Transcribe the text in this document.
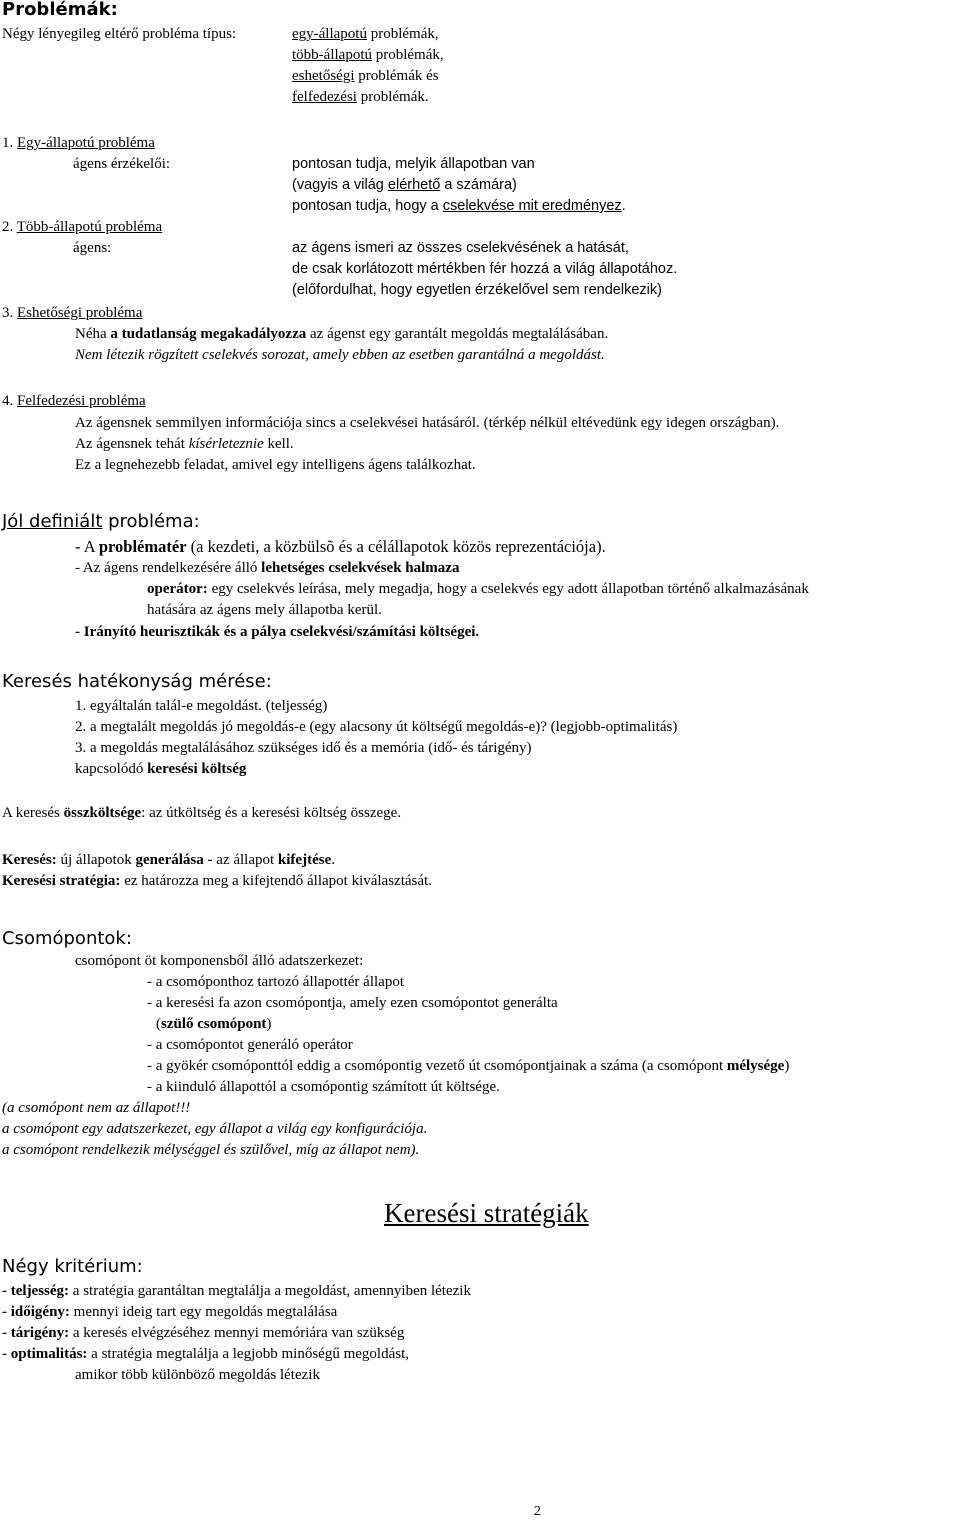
Problémák:
Négy lényegileg eltérő probléma típus:	egy-állapotú problémák,
több-állapotú problémák,
eshetőségi problémák és
felfedezési problémák.
1. Egy-állapotú probléma
ágens érzékelői:	pontosan tudja, melyik állapotban van
(vagyis a világ elérhető a számára)
pontosan tudja, hogy a cselekvése mit eredményez.
2. Több-állapotú probléma
ágens:	az ágens ismeri az összes cselekvésének a hatását,
de csak korlátozott mértékben fér hozzá a világ állapotához.
(előfordulhat, hogy egyetlen érzékelővel sem rendelkezik)
3. Eshetőségi probléma
Néha a tudatlanság megakadályozza az ágenst egy garantált megoldás megtalálásában.
Nem létezik rögzített cselekvés sorozat, amely ebben az esetben garantálná a megoldást.
4. Felfedezési probléma
Az ágensnek semmilyen információja sincs a cselekvései hatásáról. (térkép nélkül eltévedünk egy idegen országban).
Az ágensnek tehát kísérleteznie kell.
Ez a legnehezebb feladat, amivel egy intelligens ágens találkozhat.
Jól definiált probléma:
- A problématér (a kezdeti, a közbülsõ és a célállapotok közös reprezentációja).
- Az ágens rendelkezésére álló lehetséges cselekvések halmaza
operátor: egy cselekvés leírása, mely megadja, hogy a cselekvés egy adott állapotban történő alkalmazásának
hatására az ágens mely állapotba kerül.
- Irányító heurisztikák és a pálya cselekvési/számítási költségei.
Keresés hatékonyság mérése:
1. egyáltalán talál-e megoldást. (teljesség)
2. a megtalált megoldás jó megoldás-e (egy alacsony út költségű megoldás-e)? (legjobb-optimalitás)
3. a megoldás megtalálásához szükséges idő és a memória (idő- és tárigény)
kapcsolódó keresési költség
A keresés összköltsége: az útköltség és a keresési költség összege.
Keresés: új állapotok generálása - az állapot kifejtése.
Keresési stratégia: ez határozza meg a kifejtendő állapot kiválasztását.
Csomópontok:
csomópont öt komponensből álló adatszerkezet:
- a csomóponthoz tartozó állapottér állapot
- a keresési fa azon csomópontja, amely ezen csomópontot generálta
(szülő csomópont)
- a csomópontot generáló operátor
- a gyökér csomóponttól eddig a csomópontig vezető út csomópontjainak a száma (a csomópont mélysége)
- a kiinduló állapottól a csomópontig számított út költsége.
(a csomópont nem az állapot!!!
a csomópont egy adatszerkezet, egy állapot a világ egy konfigurációja.
a csomópont rendelkezik mélységgel és szülővel, míg az állapot nem).
Keresési stratégiák
Négy kritérium:
- teljesség: a stratégia garantáltan megtalálja a megoldást, amennyiben létezik
- időigény: mennyi ideig tart egy megoldás megtalálása
- tárigény: a keresés elvégzéséhez mennyi memóriára van szükség
- optimalitás: a stratégia megtalálja a legjobb minőségű megoldást,
amikor több különböző megoldás létezik
2
